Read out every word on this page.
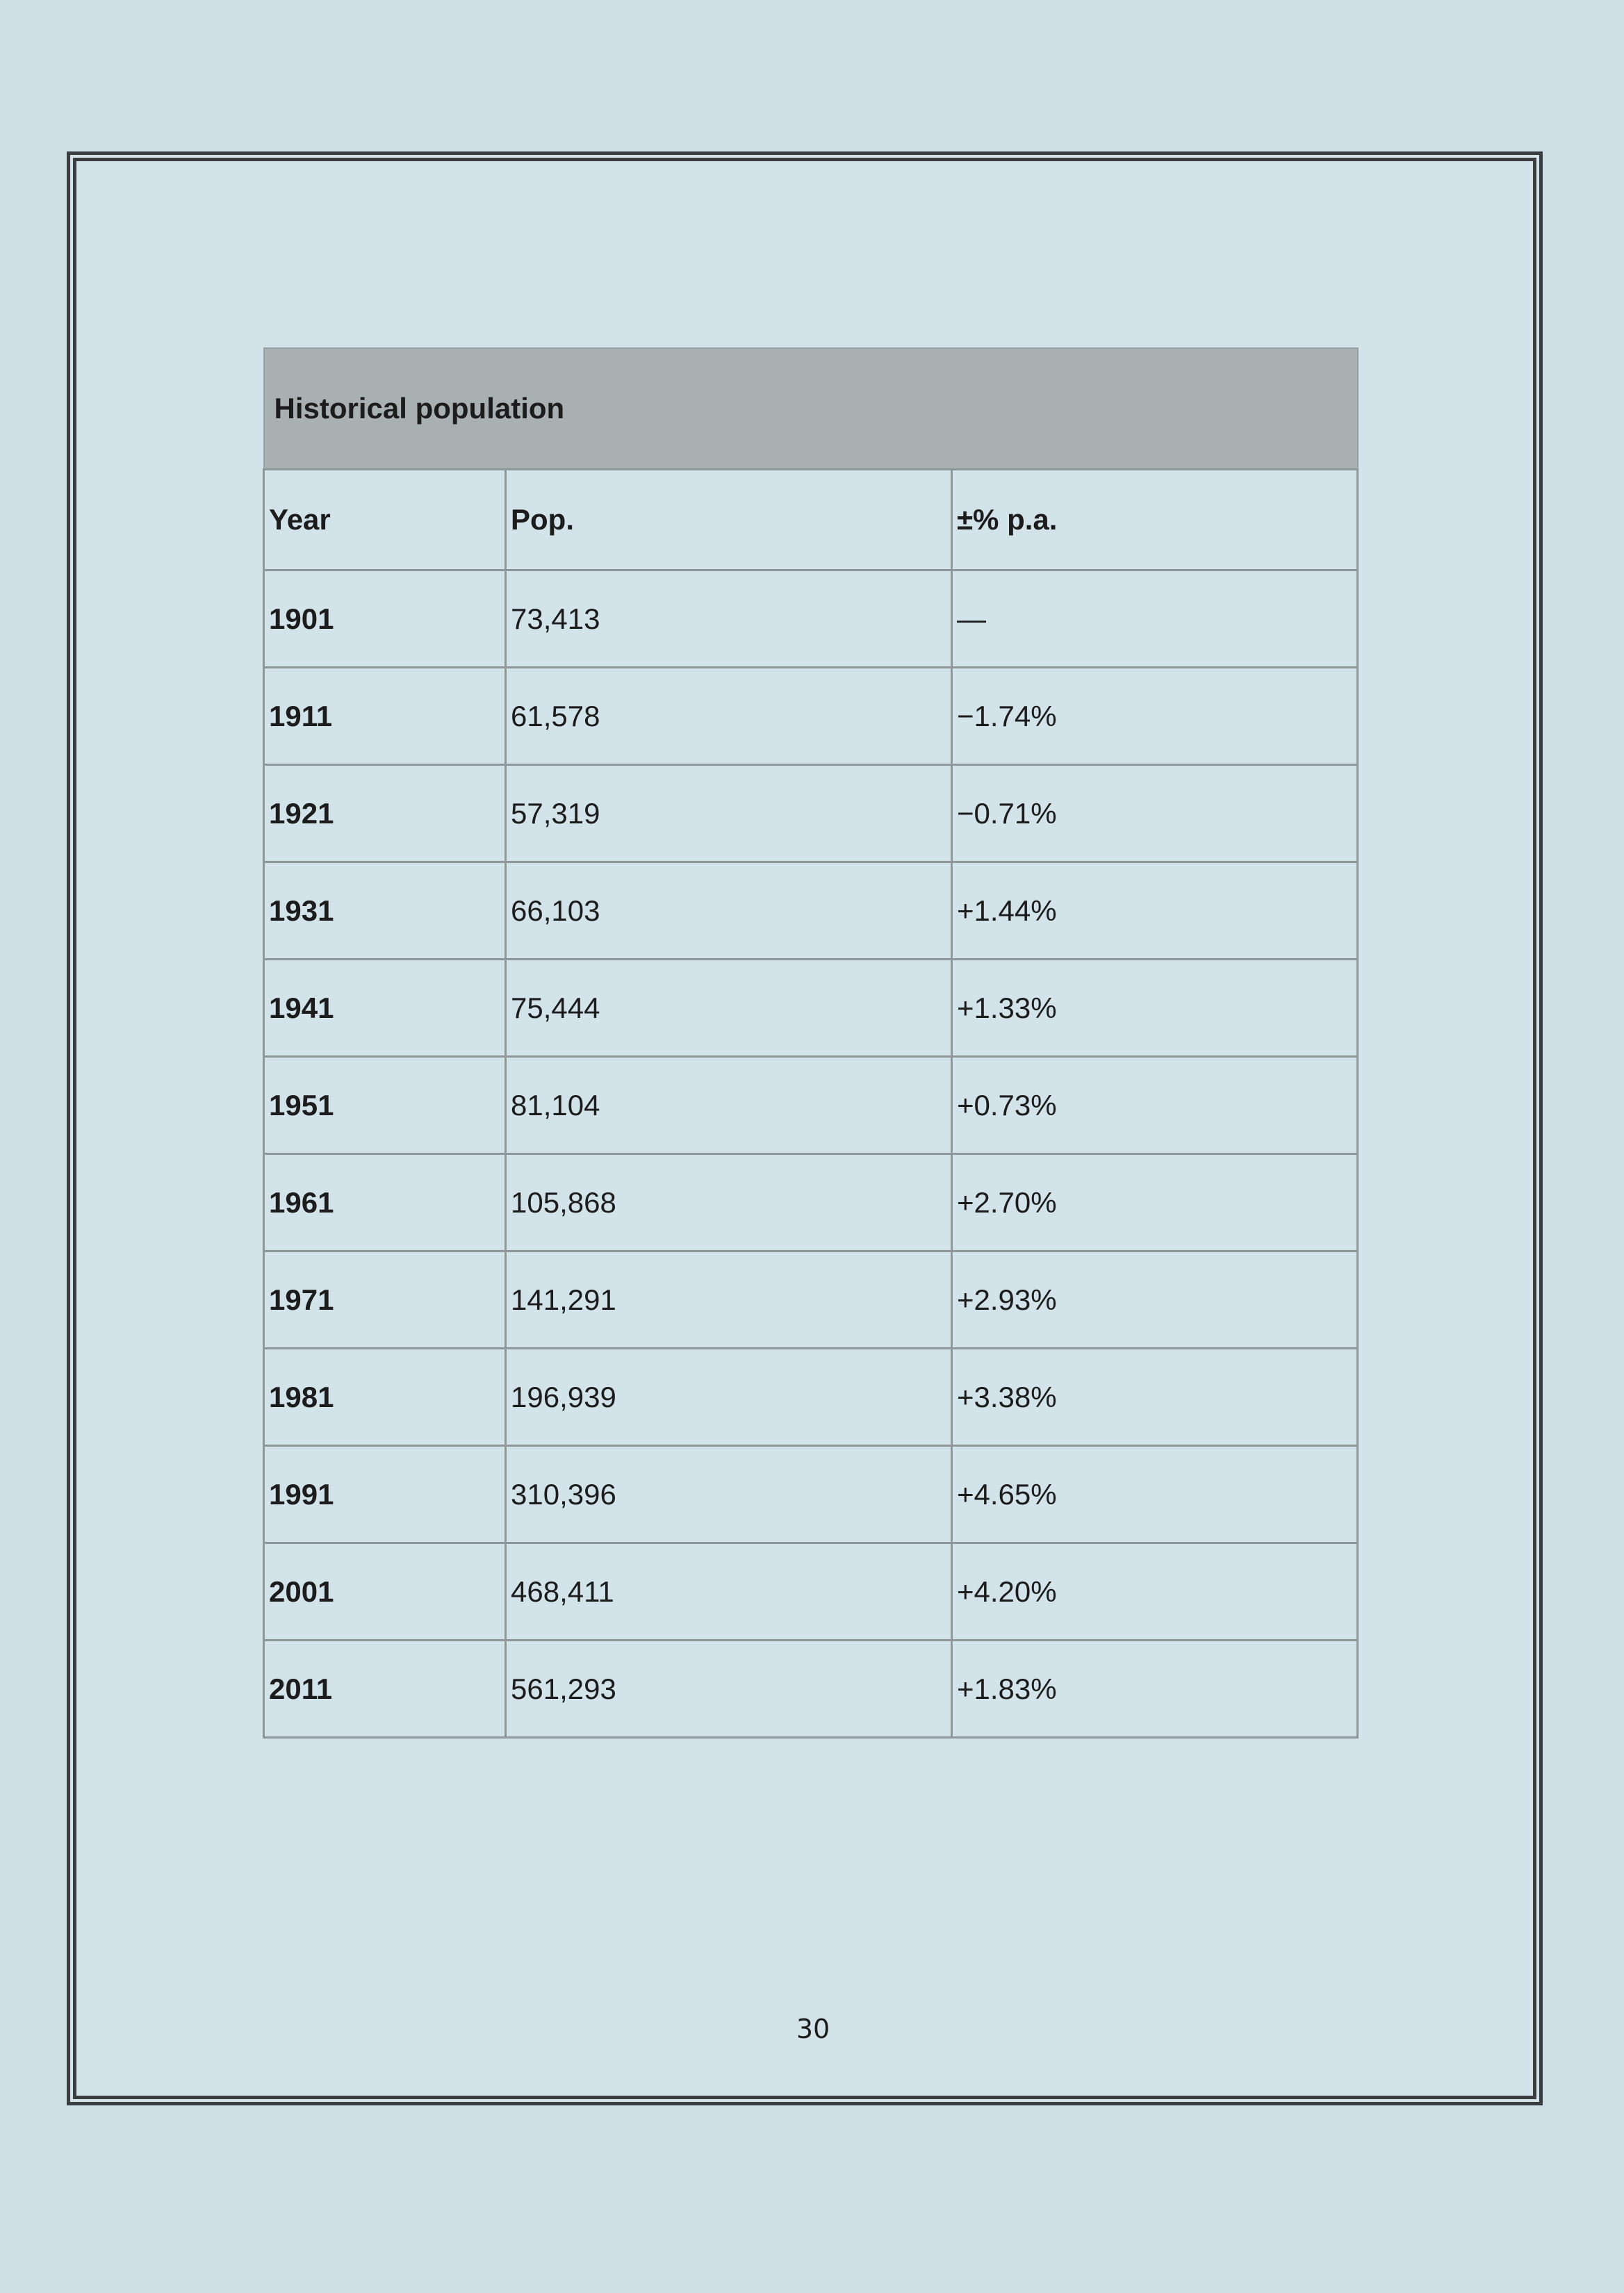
Historical population		
Year	Pop.	±% p.a.
1901	73,413	—
1911	61,578	−1.74%
1921	57,319	−0.71%
1931	66,103	+1.44%
1941	75,444	+1.33%
1951	81,104	+0.73%
1961	105,868	+2.70%
1971	141,291	+2.93%
1981	196,939	+3.38%
1991	310,396	+4.65%
2001	468,411	+4.20%
2011	561,293	+1.83%
30
